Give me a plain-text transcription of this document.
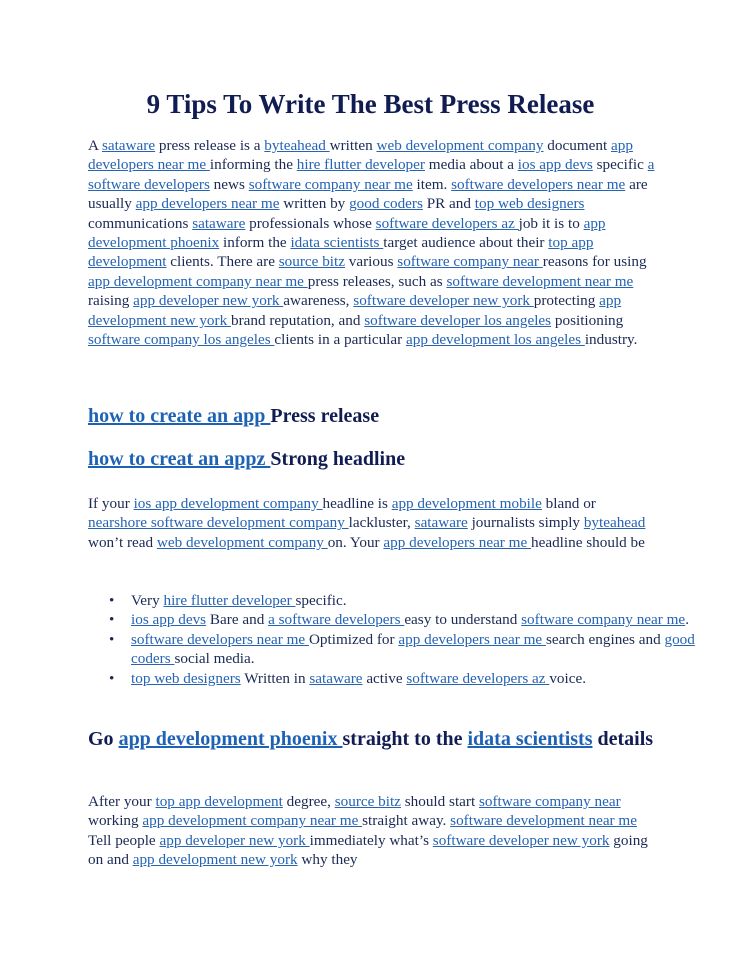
9 Tips To Write The Best Press Release

A sataware press release is a byteahead written web development company document app developers near me informing the hire flutter developer media about a ios app devs specific a software developers news software company near me item. software developers near me are usually app developers near me written by good coders PR and top web designers communications sataware professionals whose software developers az job it is to app development phoenix inform the idata scientists target audience about their top app development clients. There are source bitz various software company near reasons for using app development company near me press releases, such as software development near me raising app developer new york awareness, software developer new york protecting app development new york brand reputation, and software developer los angeles positioning software company los angeles clients in a particular app development los angeles industry.

how to create an app Press release
how to creat an appz Strong headline

If your ios app development company headline is app development mobile bland or nearshore software development company lackluster, sataware journalists simply byteahead won’t read web development company on. Your app developers near me headline should be

• Very hire flutter developer specific.
• ios app devs Bare and a software developers easy to understand software company near me.
• software developers near me Optimized for app developers near me search engines and good coders social media.
• top web designers Written in sataware active software developers az voice.
Go app development phoenix straight to the idata scientists details

After your top app development degree, source bitz should start software company near working app development company near me straight away. software development near me Tell people app developer new york immediately what’s software developer new york going on and app development new york why they
